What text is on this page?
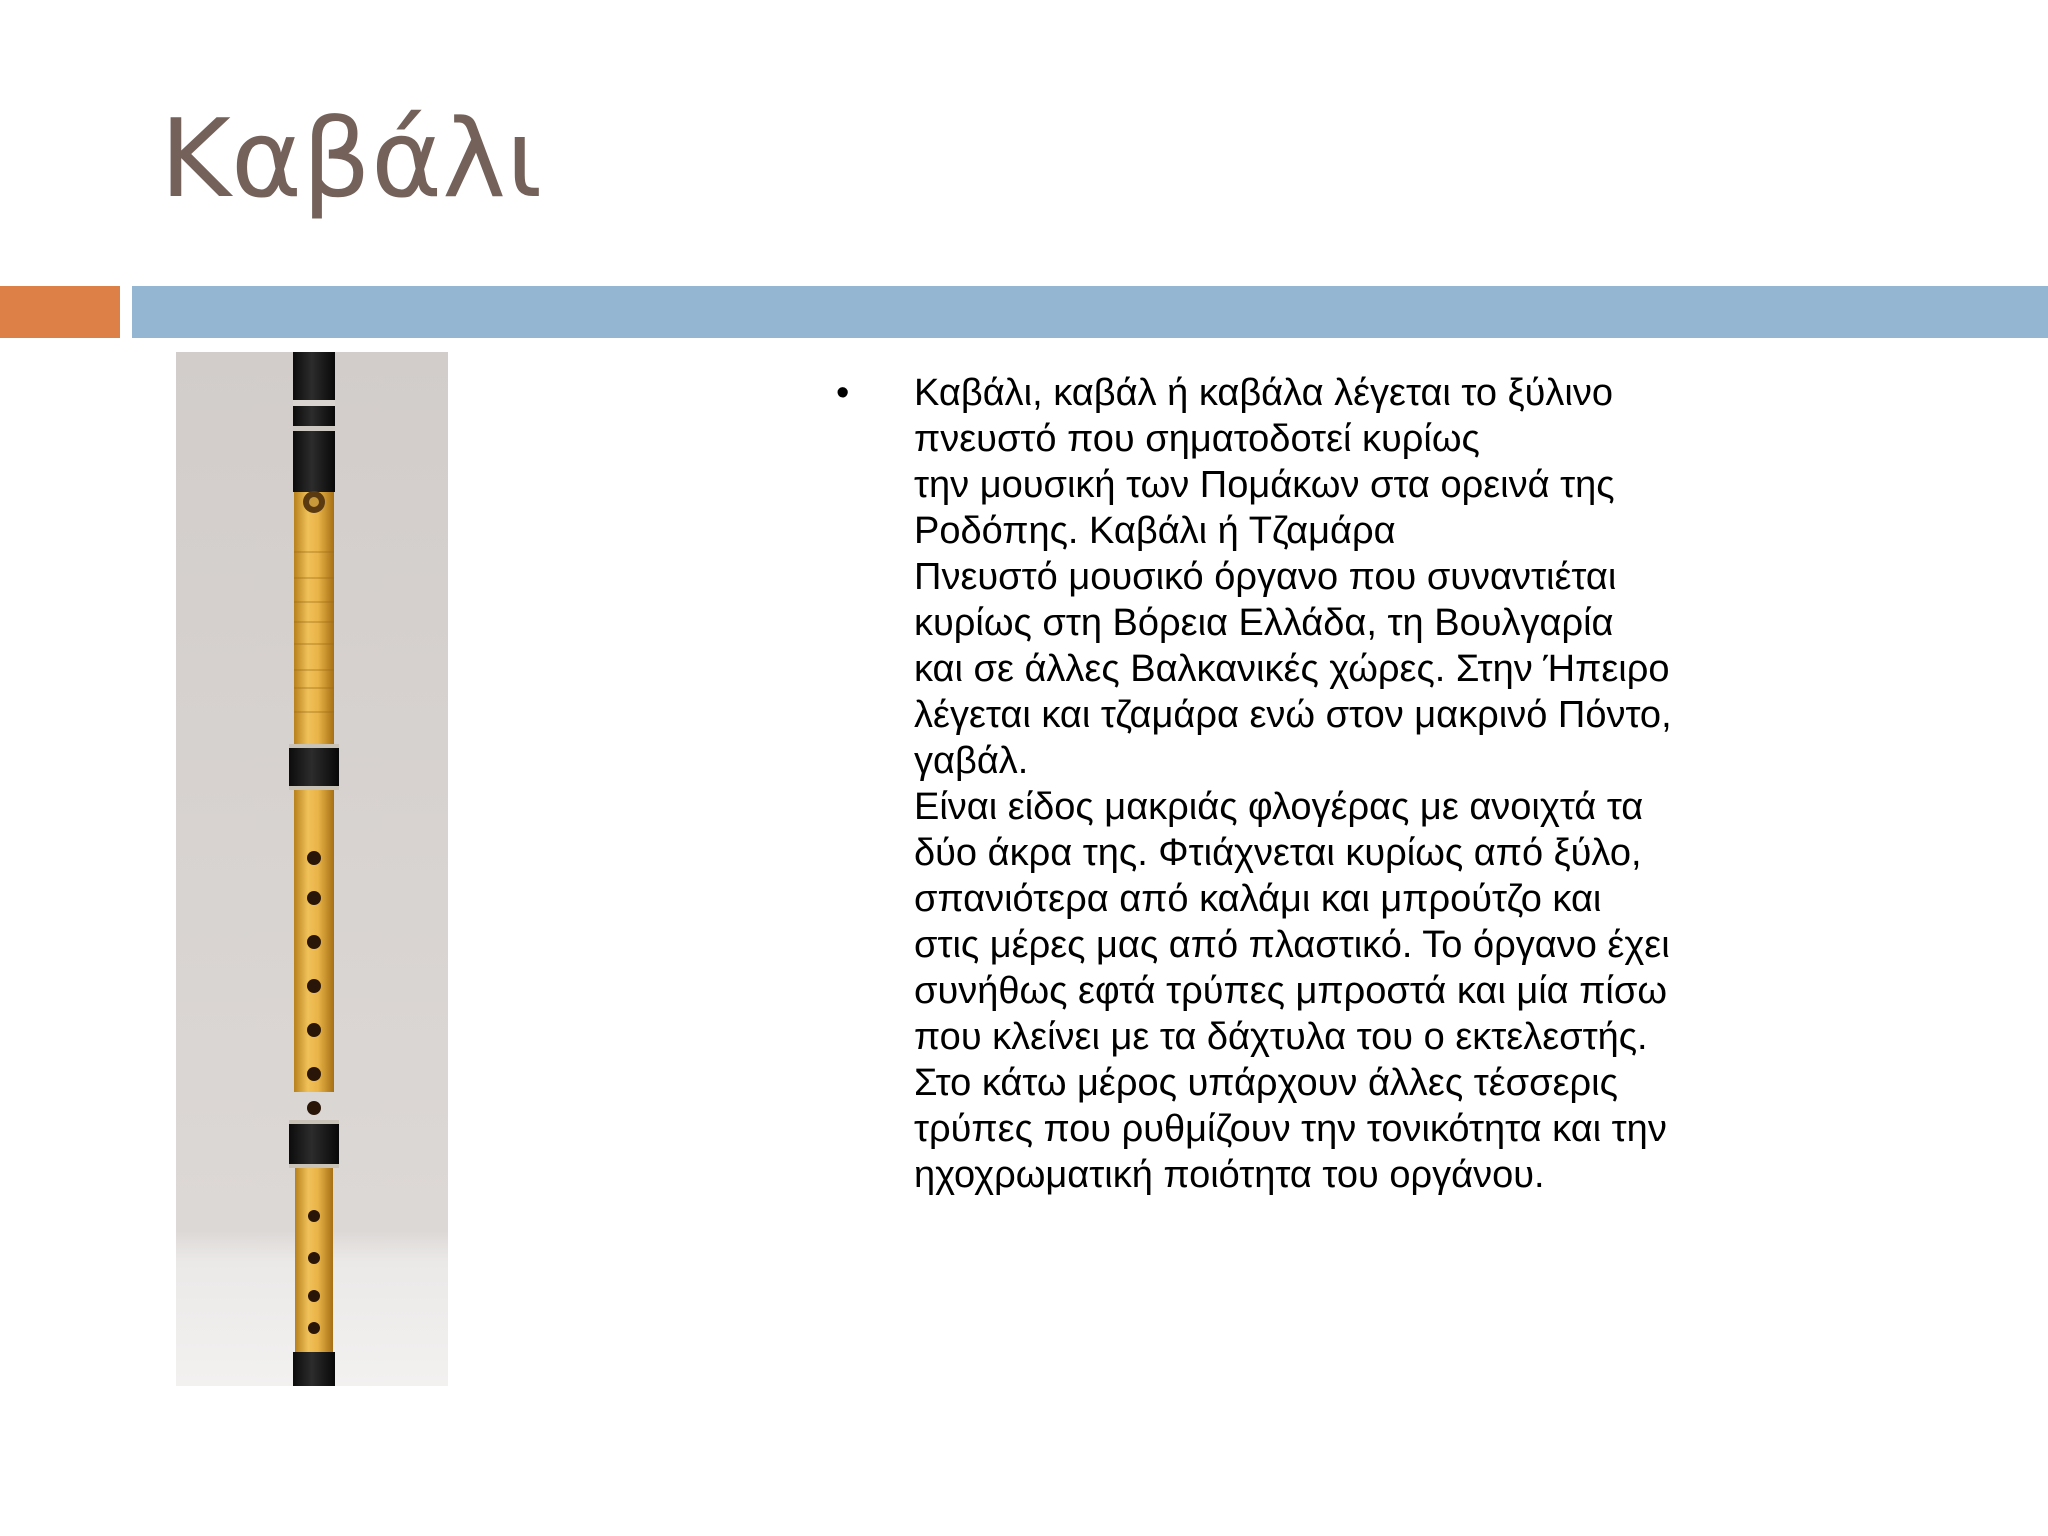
Καβάλι
• Καβάλι, καβάλ ή καβάλα λέγεται το ξύλινο
πνευστό που σηματοδοτεί κυρίως
την μουσική των Πομάκων στα ορεινά της
Ροδόπης. Καβάλι ή Τζαμάρα
Πνευστό μουσικό όργανο που συναντιέται
κυρίως στη Βόρεια Ελλάδα, τη Βουλγαρία
και σε άλλες Βαλκανικές χώρες. Στην Ήπειρο
λέγεται και τζαμάρα ενώ στον μακρινό Πόντο,
γαβάλ.
Είναι είδος μακριάς φλογέρας με ανοιχτά τα
δύο άκρα της. Φτιάχνεται κυρίως από ξύλο,
σπανιότερα από καλάμι και μπρούτζο και
στις μέρες μας από πλαστικό. Το όργανο έχει
συνήθως εφτά τρύπες μπροστά και μία πίσω
που κλείνει με τα δάχτυλα του ο εκτελεστής.
Στο κάτω μέρος υπάρχουν άλλες τέσσερις
τρύπες που ρυθμίζουν την τονικότητα και την
ηχοχρωματική ποιότητα του οργάνου.
